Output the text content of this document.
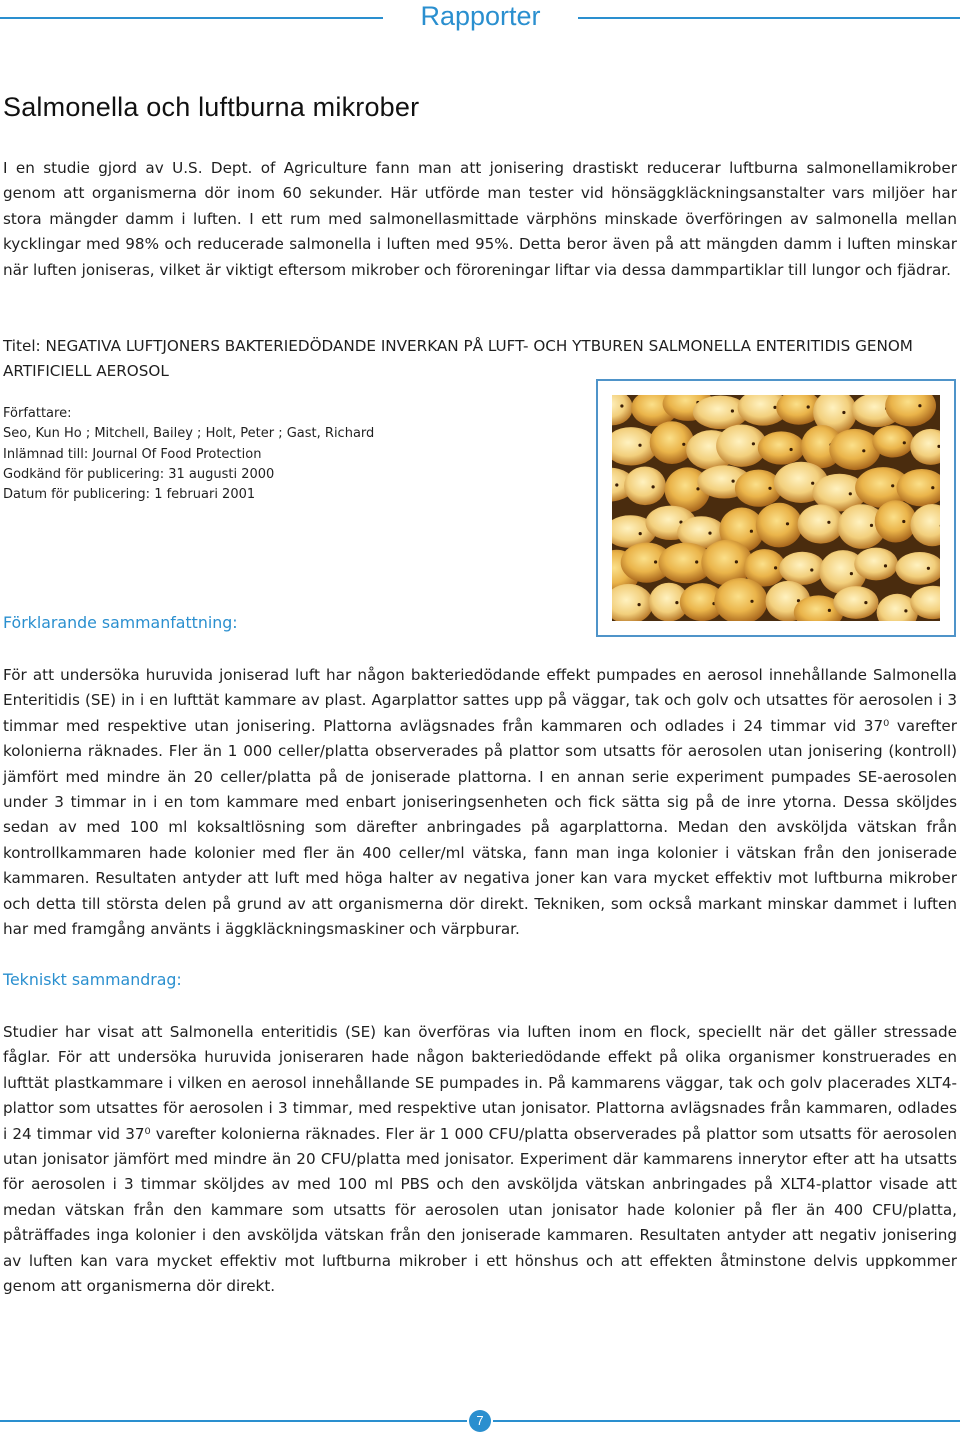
Rapporter
Salmonella och luftburna mikrober

I en studie gjord av U.S. Dept. of Agriculture fann man att jonisering drastiskt reducerar luftburna salmonellamikrober genom att organismerna dör inom 60 sekunder. Här utförde man tester vid hönsäggkläckningsanstalter vars miljöer har stora mängder damm i luften. I ett rum med salmonellasmittade värphöns minskade överföringen av salmonella mellan kycklingar med 98% och reducerade salmonella i luften med 95%. Detta beror även på att mängden damm i luften minskar när luften joniseras, vilket är viktigt eftersom mikrober och föroreningar liftar via dessa dammpartiklar till lungor och fjädrar.

Titel: NEGATIVA LUFTJONERS BAKTERIEDÖDANDE INVERKAN PÅ LUFT- OCH YTBUREN SALMONELLA ENTERITIDIS GENOM ARTIFICIELL AEROSOL

Författare:
Seo, Kun Ho ; Mitchell, Bailey ; Holt, Peter ; Gast, Richard
Inlämnad till: Journal Of Food Protection
Godkänd för publicering: 31 augusti 2000
Datum för publicering: 1 februari 2001
Förklarande sammanfattning:

För att undersöka huruvida joniserad luft har någon bakteriedödande effekt pumpades en aerosol innehållande Salmonella Enteritidis (SE) in i en lufttät kammare av plast. Agarplattor sattes upp på väggar, tak och golv och utsattes för aerosolen i 3 timmar med respektive utan jonisering. Plattorna avlägsnades från kammaren och odlades i 24 timmar vid 37⁰ varefter kolonierna räknades. Fler än 1 000 celler/platta observerades på plattor som utsatts för aerosolen utan jonisering (kontroll) jämfört med mindre än 20 celler/platta på de joniserade plattorna. I en annan serie experiment pumpades SE-aerosolen under 3 timmar in i en tom kammare med enbart joniseringsenheten och fick sätta sig på de inre ytorna. Dessa sköljdes sedan av med 100 ml koksaltlösning som därefter anbringades på agarplattorna. Medan den avsköljda vätskan från kontrollkammaren hade kolonier med fler än 400 celler/ml vätska, fann man inga kolonier i vätskan från den joniserade kammaren. Resultaten antyder att luft med höga halter av negativa joner kan vara mycket effektiv mot luftburna mikrober och detta till största delen på grund av att organismerna dör direkt. Tekniken, som också markant minskar dammet i luften har med framgång använts i äggkläckningsmaskiner och värpburar.

Tekniskt sammandrag:

Studier har visat att Salmonella enteritidis (SE) kan överföras via luften inom en flock, speciellt när det gäller stressade fåglar. För att undersöka huruvida joniseraren hade någon bakteriedödande effekt på olika organismer konstruerades en lufttät plastkammare i vilken en aerosol innehållande SE pumpades in. På kammarens väggar, tak och golv placerades XLT4-plattor som utsattes för aerosolen i 3 timmar, med respektive utan jonisator. Plattorna avlägsnades från kammaren, odlades i 24 timmar vid 37⁰ varefter kolonierna räknades. Fler är 1 000 CFU/platta observerades på plattor som utsatts för aerosolen utan jonisator jämfört med mindre än 20 CFU/platta med jonisator. Experiment där kammarens innerytor efter att ha utsatts för aerosolen i 3 timmar sköljdes av med 100 ml PBS och den avsköljda vätskan anbringades på XLT4-plattor visade att medan vätskan från den kammare som utsatts för aerosolen utan jonisator hade kolonier på fler än 400 CFU/platta, påträffades inga kolonier i den avsköljda vätskan från den joniserade kammaren. Resultaten antyder att negativ jonisering av luften kan vara mycket effektiv mot luftburna mikrober i ett hönshus och att effekten åtminstone delvis uppkommer genom att organismerna dör direkt.

7
